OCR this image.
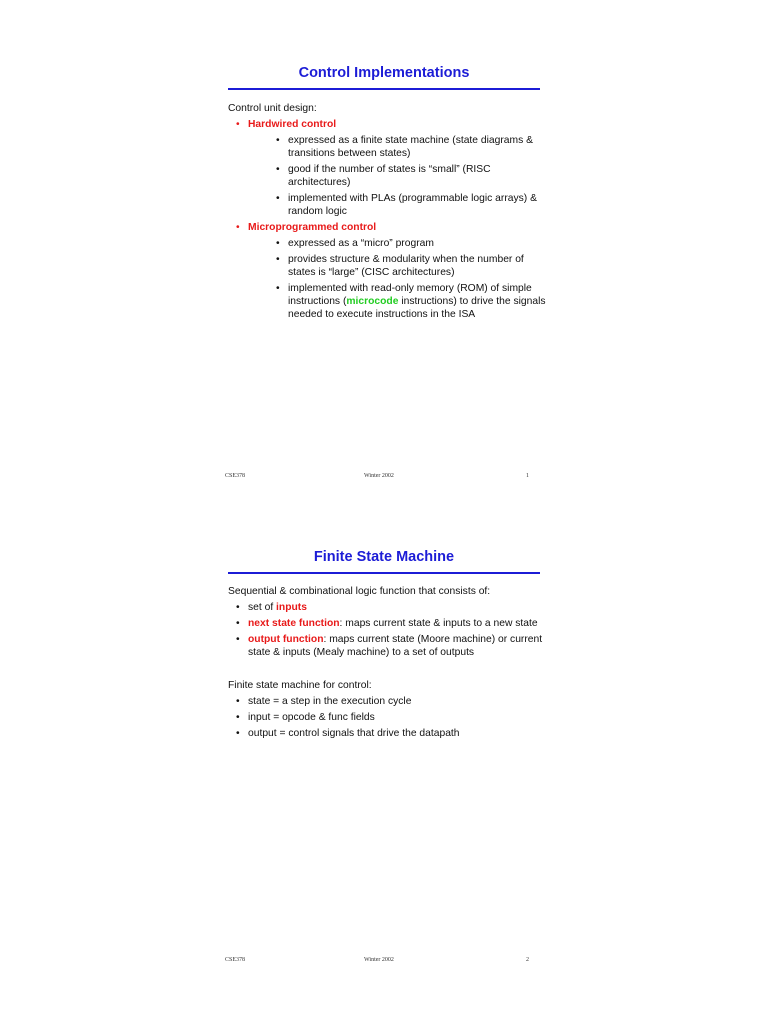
Control Implementations
Control unit design:
• Hardwired control
• expressed as a finite state machine (state diagrams & transitions between states)
• good if the number of states is “small” (RISC architectures)
• implemented with PLAs (programmable logic arrays) & random logic
• Microprogrammed control
• expressed as a “micro” program
• provides structure & modularity when the number of states is “large” (CISC architectures)
• implemented with read-only memory (ROM) of simple instructions (microcode instructions) to drive the signals needed to execute instructions in the ISA
CSE378	Winter 2002	1
Finite State Machine
Sequential & combinational logic function that consists of:
• set of inputs
• next state function: maps current state & inputs to a new state
• output function: maps current state (Moore machine) or current state & inputs (Mealy machine) to a set of outputs
Finite state machine for control:
• state = a step in the execution cycle
• input = opcode & func fields
• output = control signals that drive the datapath
CSE378	Winter 2002	2
